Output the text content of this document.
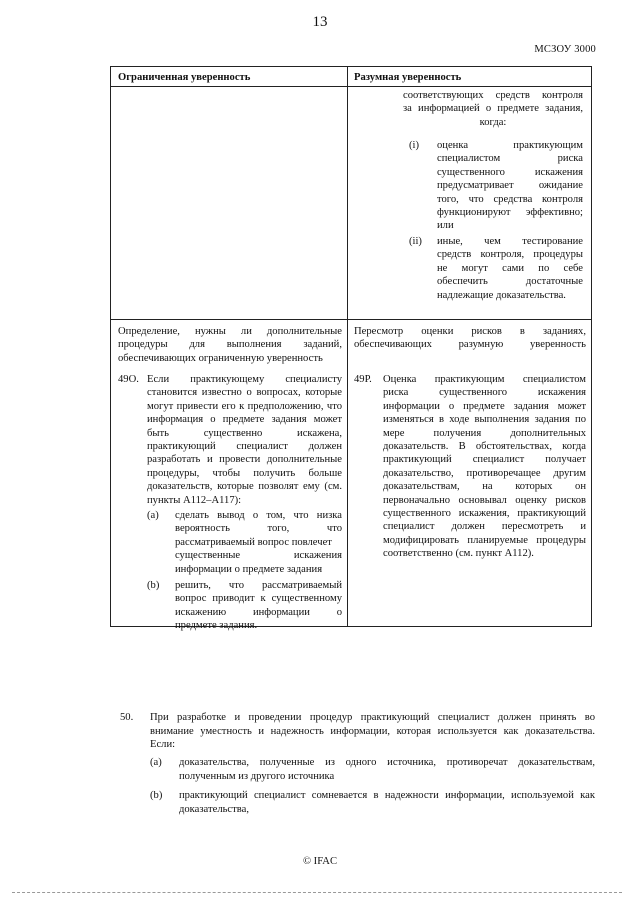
13
МСЗОУ 3000
Ограниченная уверенность	Разумная уверенность
соответствующих средств контроля
за информацией о предмете задания,
когда:
(i) оценка практикующим
специалистом риска
существенного искажения
предусматривает ожидание
того, что средства контроля
функционируют эффективно;
или
(ii) иные, чем тестирование
средств контроля, процедуры
не могут сами по себе
обеспечить достаточные
надлежащие доказательства.
Определение, нужны ли дополнительные
процедуры для выполнения заданий,
обеспечивающих ограниченную уверенность
49О. Если практикующему специалисту
становится известно о вопросах, которые
могут привести его к предположению, что
информация о предмете задания может
быть существенно искажена,
практикующий специалист должен
разработать и провести дополнительные
процедуры, чтобы получить больше
доказательств, которые позволят ему (см.
пункты A112–A117):
(a) сделать вывод о том, что низка
вероятность того, что
рассматриваемый вопрос повлечет
существенные искажения
информации о предмете задания
(b) решить, что рассматриваемый
вопрос приводит к существенному
искажению информации о
предмете задания.
Пересмотр оценки рисков в заданиях,
обеспечивающих разумную уверенность
49Р. Оценка практикующим специалистом
риска существенного искажения
информации о предмете задания может
изменяться в ходе выполнения задания по
мере получения дополнительных
доказательств. В обстоятельствах, когда
практикующий специалист получает
доказательство, противоречащее другим
доказательствам, на которых он
первоначально основывал оценку рисков
существенного искажения, практикующий
специалист должен пересмотреть и
модифицировать планируемые процедуры
соответственно (см. пункт A112).
50. При разработке и проведении процедур практикующий специалист должен принять во
внимание уместность и надежность информации, которая используется как доказательства.
Если:
(a) доказательства, полученные из одного источника, противоречат доказательствам,
полученным из другого источника
(b) практикующий специалист сомневается в надежности информации, используемой как
доказательства,
© IFAC
